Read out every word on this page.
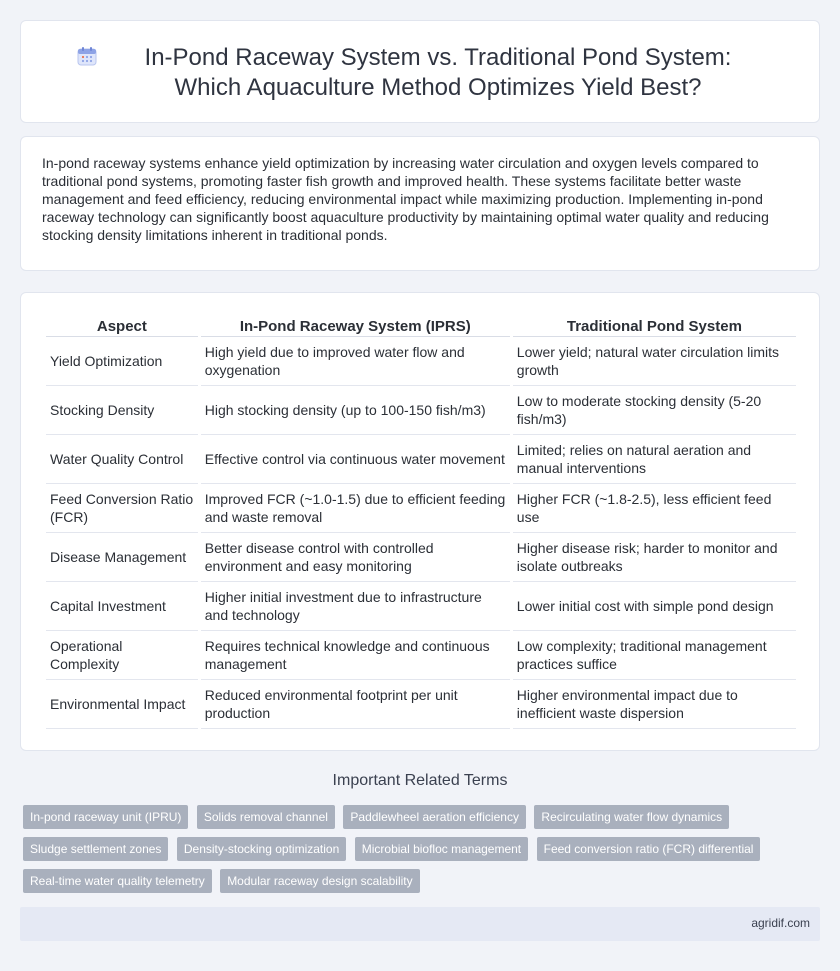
In-Pond Raceway System vs. Traditional Pond System: Which Aquaculture Method Optimizes Yield Best?

In-pond raceway systems enhance yield optimization by increasing water circulation and oxygen levels compared to traditional pond systems, promoting faster fish growth and improved health. These systems facilitate better waste management and feed efficiency, reducing environmental impact while maximizing production. Implementing in-pond raceway technology can significantly boost aquaculture productivity by maintaining optimal water quality and reducing stocking density limitations inherent in traditional ponds.

Aspect	In-Pond Raceway System (IPRS)	Traditional Pond System
Yield Optimization	High yield due to improved water flow and oxygenation	Lower yield; natural water circulation limits growth
Stocking Density	High stocking density (up to 100-150 fish/m3)	Low to moderate stocking density (5-20 fish/m3)
Water Quality Control	Effective control via continuous water movement	Limited; relies on natural aeration and manual interventions
Feed Conversion Ratio (FCR)	Improved FCR (~1.0-1.5) due to efficient feeding and waste removal	Higher FCR (~1.8-2.5), less efficient feed use
Disease Management	Better disease control with controlled environment and easy monitoring	Higher disease risk; harder to monitor and isolate outbreaks
Capital Investment	Higher initial investment due to infrastructure and technology	Lower initial cost with simple pond design
Operational Complexity	Requires technical knowledge and continuous management	Low complexity; traditional management practices suffice
Environmental Impact	Reduced environmental footprint per unit production	Higher environmental impact due to inefficient waste dispersion
Important Related Terms
In-pond raceway unit (IPRU) Solids removal channel Paddlewheel aeration efficiency Recirculating water flow dynamics Sludge settlement zones Density-stocking optimization Microbial biofloc management Feed conversion ratio (FCR) differential Real-time water quality telemetry Modular raceway design scalability
agridif.com
